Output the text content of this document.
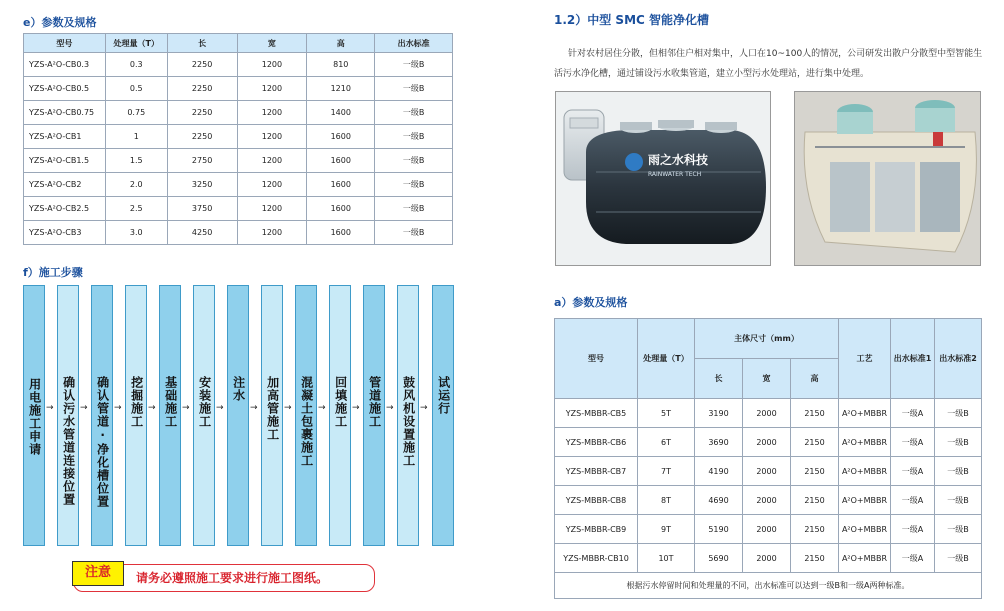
e）参数及规格
型号	处理量（T）	长	宽	高	出水标准
YZS-A²O-CB0.3	0.3	2250	1200	810	一级B
YZS-A²O-CB0.5	0.5	2250	1200	1210	一级B
YZS-A²O-CB0.75	0.75	2250	1200	1400	一级B
YZS-A²O-CB1	1	2250	1200	1600	一级B
YZS-A²O-CB1.5	1.5	2750	1200	1600	一级B
YZS-A²O-CB2	2.0	3250	1200	1600	一级B
YZS-A²O-CB2.5	2.5	3750	1200	1600	一级B
YZS-A²O-CB3	3.0	4250	1200	1600	一级B
f）施工步骤
用电施工申请 → 确认污水管道连接位置 → 确认管道·净化槽位置 → 挖掘施工 → 基础施工 → 安装施工 →
注水
→ 加高管施工 → 混凝土包裹施工 → 回填施工 → 管道施工 → 鼓风机设置施工 → 试运行
注意	请务必遵照施工要求进行施工图纸。
1.2）中型 SMC 智能净化槽
针对农村居住分散，但相邻住户相对集中，人口在10~100人的情况，公司研发出散户分散型中型智能生活污水净化槽，通过铺设污水收集管道，建立小型污水处理站，进行集中处理。
雨之水科技
RAINWATER TECH
a）参数及规格
型号	处理量（T）	主体尺寸（mm）			工艺	出水标准1	出水标准2
		长	宽	高			
YZS-MBBR-CB5	5T	3190	2000	2150	A²O+MBBR	一级A	一级B
YZS-MBBR-CB6	6T	3690	2000	2150	A²O+MBBR	一级A	一级B
YZS-MBBR-CB7	7T	4190	2000	2150	A²O+MBBR	一级A	一级B
YZS-MBBR-CB8	8T	4690	2000	2150	A²O+MBBR	一级A	一级B
YZS-MBBR-CB9	9T	5190	2000	2150	A²O+MBBR	一级A	一级B
YZS-MBBR-CB10	10T	5690	2000	2150	A²O+MBBR	一级A	一级B
根据污水停留时间和处理量的不同，出水标准可以达到一级B和一级A两种标准。							
